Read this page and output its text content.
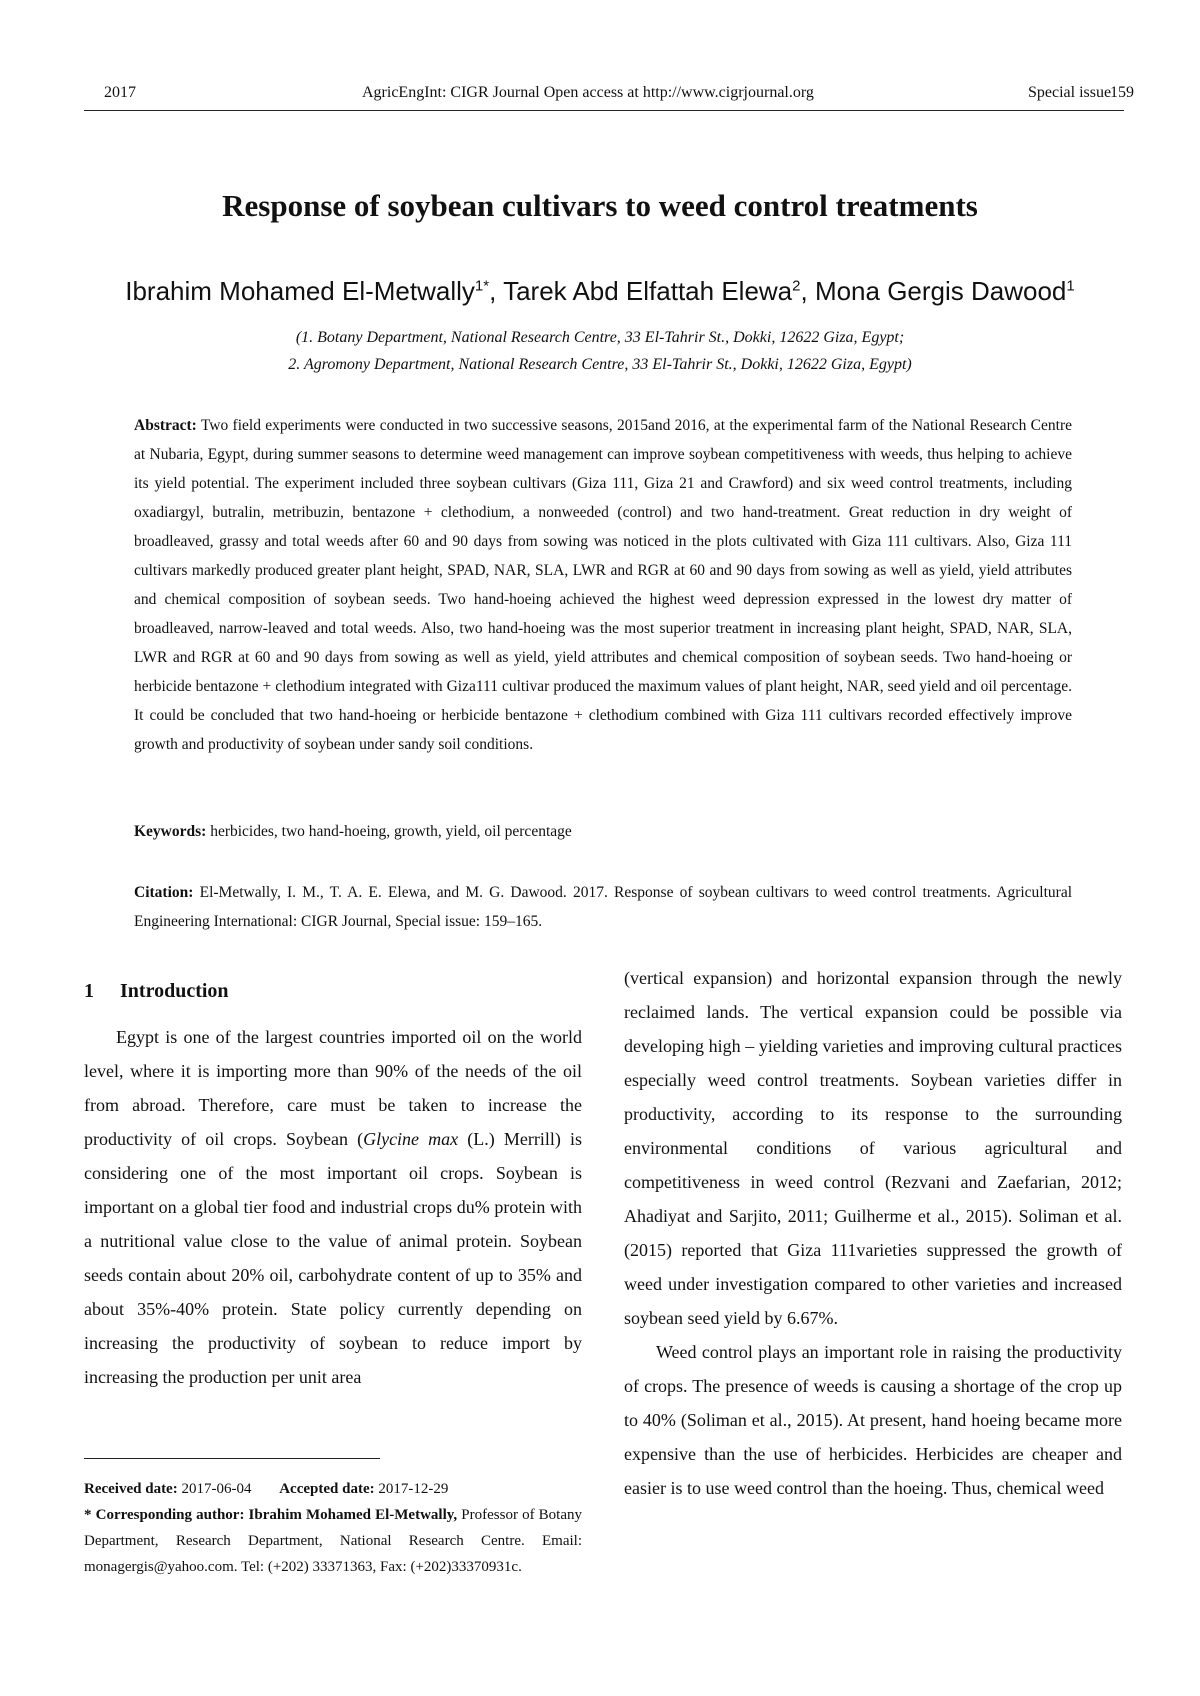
2017	AgricEngInt: CIGR Journal Open access at http://www.cigrjournal.org	Special issue
159
Response of soybean cultivars to weed control treatments
Ibrahim Mohamed El-Metwally$^{1*}$, Tarek Abd Elfattah Elewa$^2$, Mona Gergis Dawood$^1$
(1. Botany Department, National Research Centre, 33 El-Tahrir St., Dokki, 12622 Giza, Egypt;
2. Agromony Department, National Research Centre, 33 El-Tahrir St., Dokki, 12622 Giza, Egypt)
Abstract: Two field experiments were conducted in two successive seasons, 2015and 2016, at the experimental farm of the National Research Centre at Nubaria, Egypt, during summer seasons to determine weed management can improve soybean competitiveness with weeds, thus helping to achieve its yield potential. The experiment included three soybean cultivars (Giza 111, Giza 21 and Crawford) and six weed control treatments, including oxadiargyl, butralin, metribuzin, bentazone + clethodium, a nonweeded (control) and two hand-treatment. Great reduction in dry weight of broadleaved, grassy and total weeds after 60 and 90 days from sowing was noticed in the plots cultivated with Giza 111 cultivars. Also, Giza 111 cultivars markedly produced greater plant height, SPAD, NAR, SLA, LWR and RGR at 60 and 90 days from sowing as well as yield, yield attributes and chemical composition of soybean seeds. Two hand-hoeing achieved the highest weed depression expressed in the lowest dry matter of broadleaved, narrow-leaved and total weeds. Also, two hand-hoeing was the most superior treatment in increasing plant height, SPAD, NAR, SLA, LWR and RGR at 60 and 90 days from sowing as well as yield, yield attributes and chemical composition of soybean seeds. Two hand-hoeing or herbicide bentazone + clethodium integrated with Giza111 cultivar produced the maximum values of plant height, NAR, seed yield and oil percentage. It could be concluded that two hand-hoeing or herbicide bentazone + clethodium combined with Giza 111 cultivars recorded effectively improve growth and productivity of soybean under sandy soil conditions.
Keywords: herbicides, two hand-hoeing, growth, yield, oil percentage
Citation: El-Metwally, I. M., T. A. E. Elewa, and M. G. Dawood. 2017. Response of soybean cultivars to weed control treatments. Agricultural Engineering International: CIGR Journal, Special issue: 159–165.
1 Introduction

Egypt is one of the largest countries imported oil on the world level, where it is importing more than 90% of the needs of the oil from abroad. Therefore, care must be taken to increase the productivity of oil crops. Soybean (Glycine max (L.) Merrill) is considering one of the most important oil crops. Soybean is important on a global tier food and industrial crops du% protein with a nutritional value close to the value of animal protein. Soybean seeds contain about 20% oil, carbohydrate content of up to 35% and about 35%-40% protein. State policy currently depending on increasing the productivity of soybean to reduce import by increasing the production per unit area

(vertical expansion) and horizontal expansion through the newly reclaimed lands. The vertical expansion could be possible via developing high – yielding varieties and improving cultural practices especially weed control treatments. Soybean varieties differ in productivity, according to its response to the surrounding environmental conditions of various agricultural and competitiveness in weed control (Rezvani and Zaefarian, 2012; Ahadiyat and Sarjito, 2011; Guilherme et al., 2015). Soliman et al. (2015) reported that Giza 111varieties suppressed the growth of weed under investigation compared to other varieties and increased soybean seed yield by 6.67%.

Weed control plays an important role in raising the productivity of crops. The presence of weeds is causing a shortage of the crop up to 40% (Soliman et al., 2015). At present, hand hoeing became more expensive than the use of herbicides. Herbicides are cheaper and easier is to use weed control than the hoeing. Thus, chemical weed

Received date: 2017-06-04 Accepted date: 2017-12-29
* Corresponding author: Ibrahim Mohamed El-Metwally, Professor of Botany Department, Research Department, National Research Centre. Email: monagergis@yahoo.com. Tel: (+202) 33371363, Fax: (+202)33370931c.
